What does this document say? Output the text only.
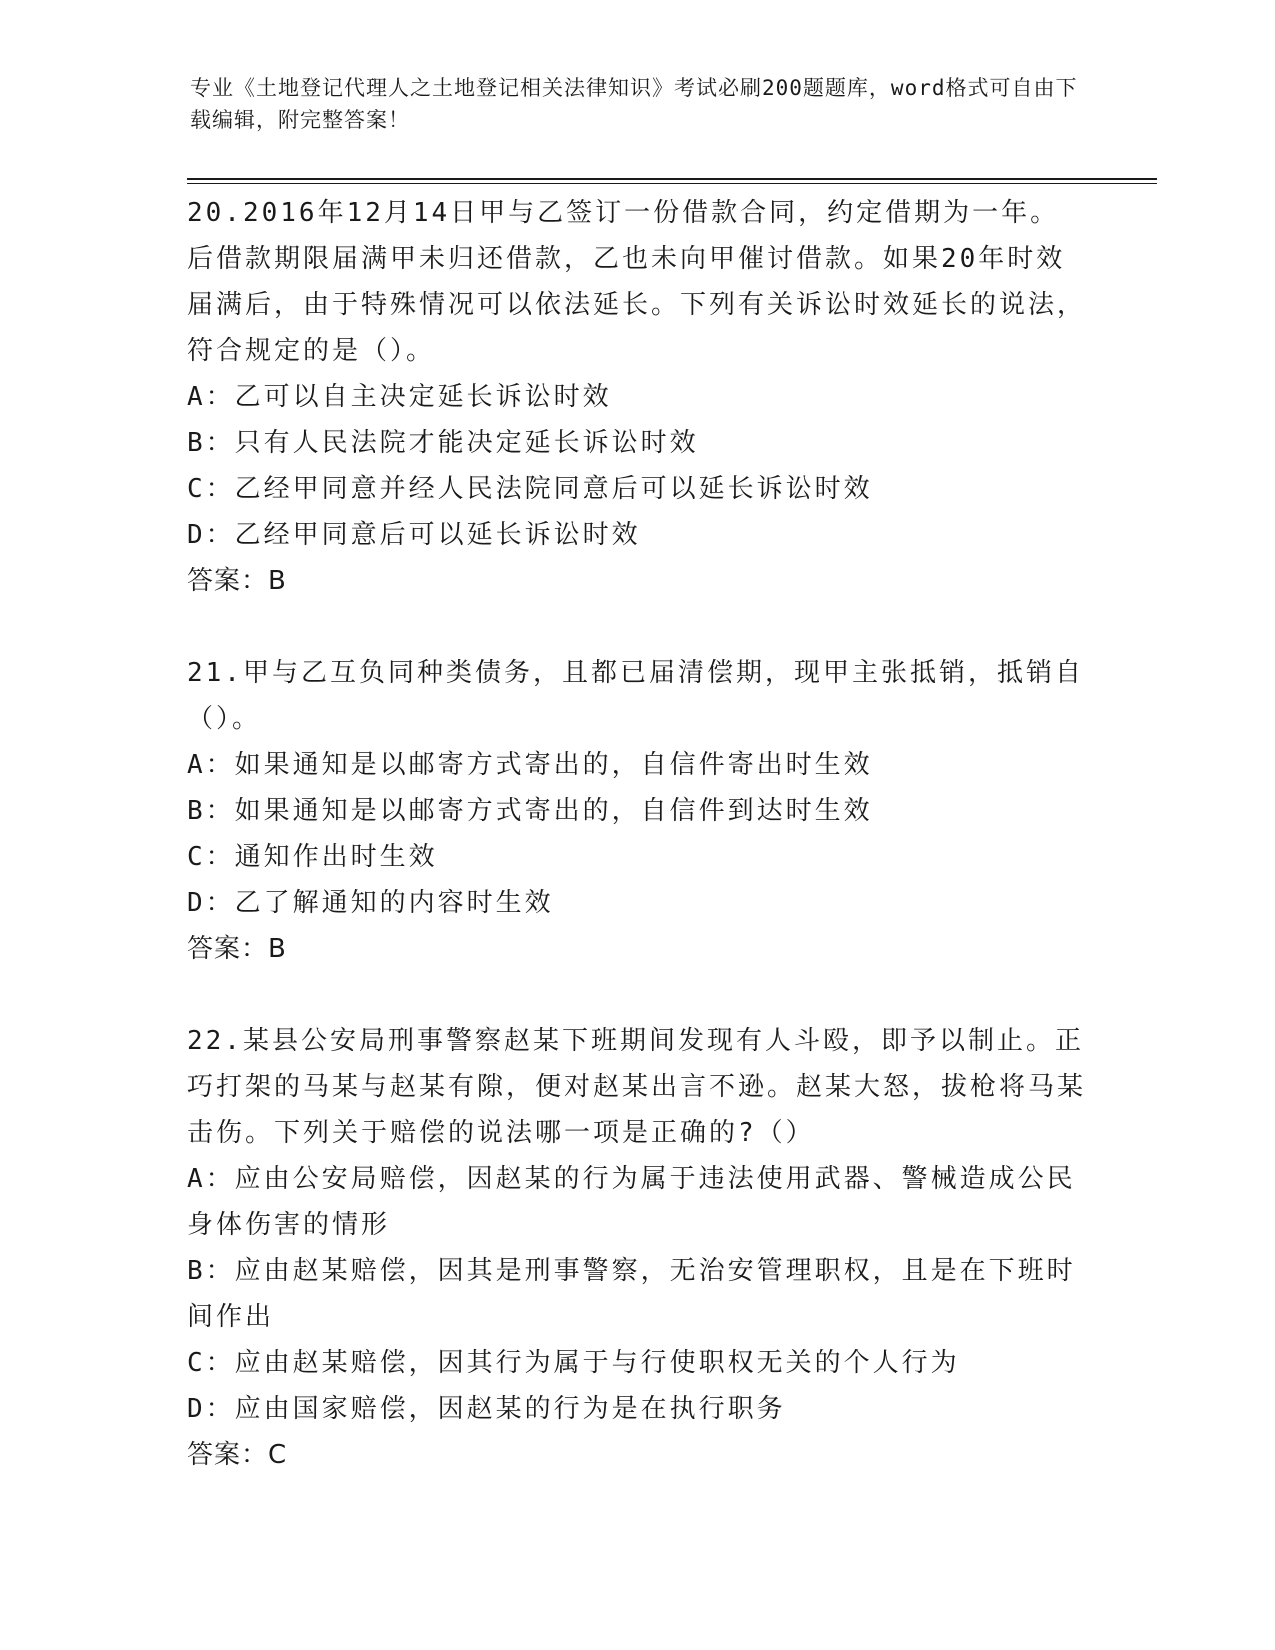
专业《土地登记代理人之土地登记相关法律知识》考试必刷200题题库，word格式可自由下载编辑，附完整答案！
20.2016年12月14日甲与乙签订一份借款合同，约定借期为一年。后借款期限届满甲未归还借款，乙也未向甲催讨借款。如果20年时效届满后，由于特殊情况可以依法延长。下列有关诉讼时效延长的说法，符合规定的是（）。
A：乙可以自主决定延长诉讼时效
B：只有人民法院才能决定延长诉讼时效
C：乙经甲同意并经人民法院同意后可以延长诉讼时效
D：乙经甲同意后可以延长诉讼时效
答案：B
21.甲与乙互负同种类债务，且都已届清偿期，现甲主张抵销，抵销自（）。
A：如果通知是以邮寄方式寄出的，自信件寄出时生效
B：如果通知是以邮寄方式寄出的，自信件到达时生效
C：通知作出时生效
D：乙了解通知的内容时生效
答案：B
22.某县公安局刑事警察赵某下班期间发现有人斗殴，即予以制止。正巧打架的马某与赵某有隙，便对赵某出言不逊。赵某大怒，拔枪将马某击伤。下列关于赔偿的说法哪一项是正确的?（）
A：应由公安局赔偿，因赵某的行为属于违法使用武器、警械造成公民身体伤害的情形
B：应由赵某赔偿，因其是刑事警察，无治安管理职权，且是在下班时间作出
C：应由赵某赔偿，因其行为属于与行使职权无关的个人行为
D：应由国家赔偿，因赵某的行为是在执行职务
答案：C
